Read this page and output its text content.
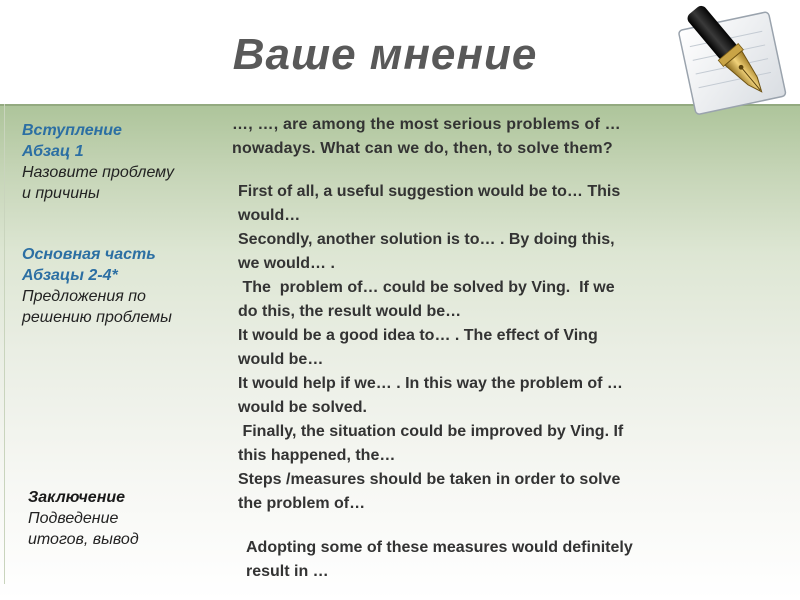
Ваше мнение
Вступление
Абзац 1
Назовите проблему
и причины
Основная часть
Абзацы 2-4*
Предложения по
решению проблемы
Заключение
Подведение
итогов, вывод
…, …, are among the most serious problems of …
nowadays. What can we do, then, to solve them?
First of all, a useful suggestion would be to… This
would…
Secondly, another solution is to… . By doing this,
we would… .
The  problem of… could be solved by Ving.  If we
do this, the result would be…
It would be a good idea to… . The effect of Ving
would be…
It would help if we… . In this way the problem of …
would be solved.
Finally, the situation could be improved by Ving. If
this happened, the…
Steps /measures should be taken in order to solve
the problem of…
Adopting some of these measures would definitely
result in …
